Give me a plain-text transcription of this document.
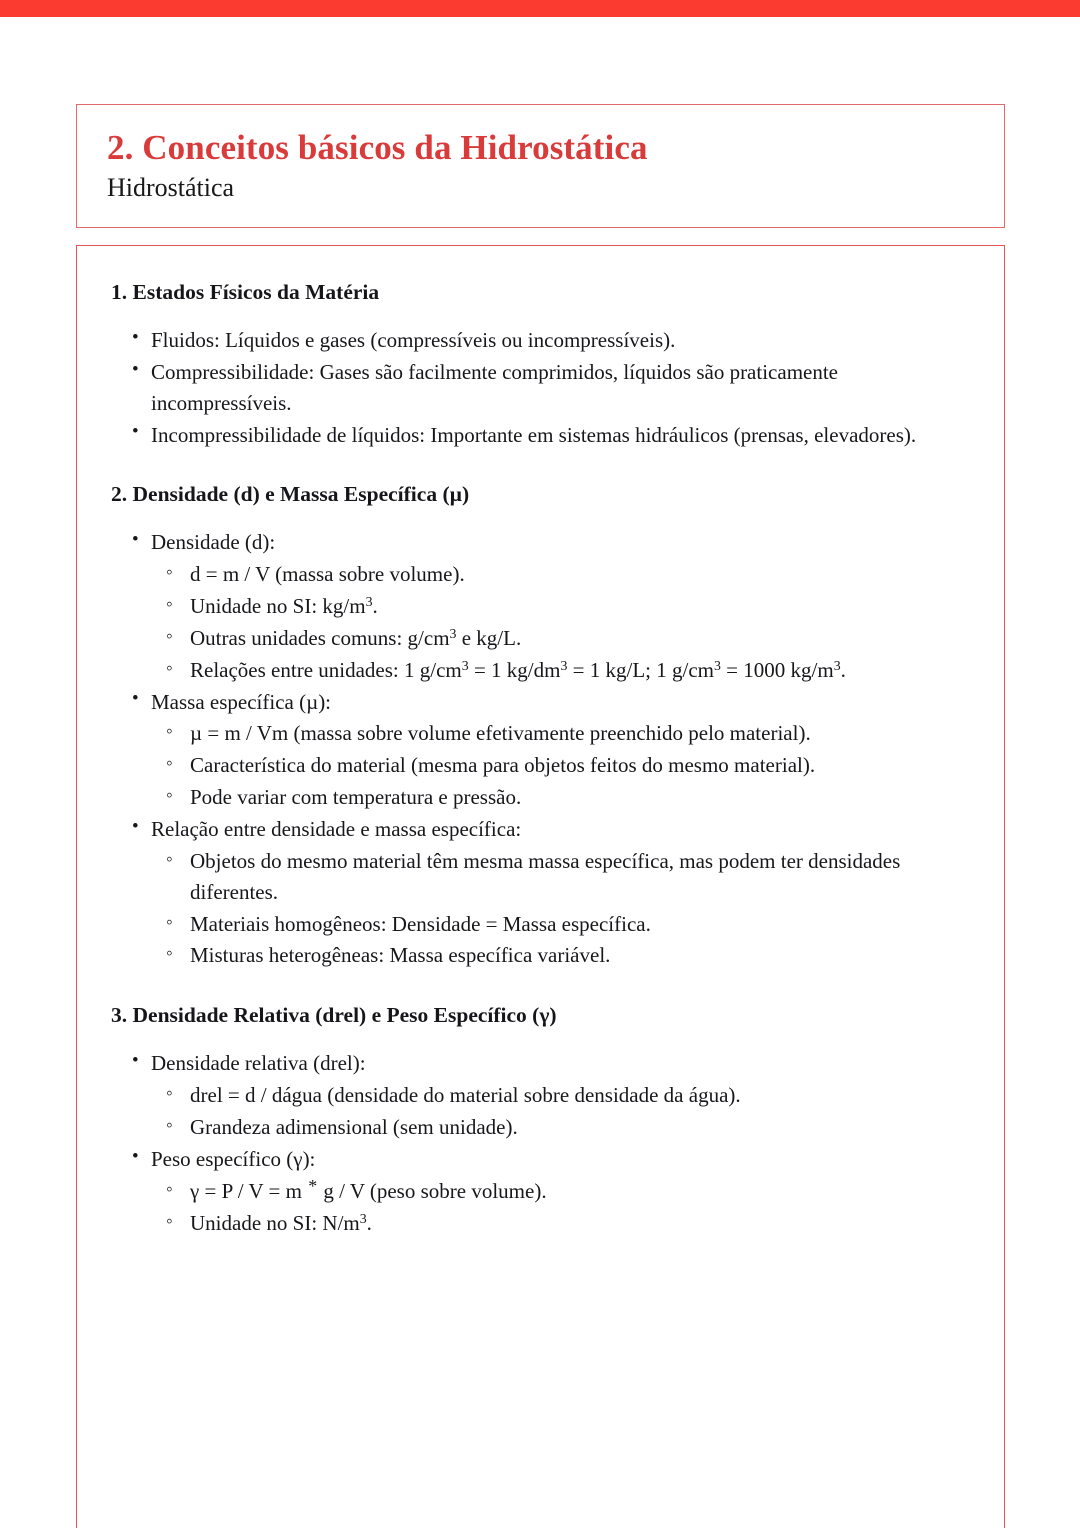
2. Conceitos básicos da Hidrostática
Hidrostática
1. Estados Físicos da Matéria
• Fluidos: Líquidos e gases (compressíveis ou incompressíveis).
• Compressibilidade: Gases são facilmente comprimidos, líquidos são praticamente incompressíveis.
• Incompressibilidade de líquidos: Importante em sistemas hidráulicos (prensas, elevadores).
2. Densidade (d) e Massa Específica (µ)
• Densidade (d):
◦ d = m / V (massa sobre volume).
◦ Unidade no SI: $kg/m^3$.
◦ Outras unidades comuns: $g/cm^3$ e kg/L.
◦ Relações entre unidades: 1 $g/cm^3 = 1$ $kg/dm^3 = 1$ kg/L; 1 $g/cm^3 = 1000$ $kg/m^3$.
• Massa específica (µ):
◦ µ = m / Vm (massa sobre volume efetivamente preenchido pelo material).
◦ Característica do material (mesma para objetos feitos do mesmo material).
◦ Pode variar com temperatura e pressão.
• Relação entre densidade e massa específica:
◦ Objetos do mesmo material têm mesma massa específica, mas podem ter densidades diferentes.
◦ Materiais homogêneos: Densidade = Massa específica.
◦ Misturas heterogêneas: Massa específica variável.
3. Densidade Relativa (drel) e Peso Específico (γ)
• Densidade relativa (drel):
◦ drel = d / dágua (densidade do material sobre densidade da água).
◦ Grandeza adimensional (sem unidade).
• Peso específico (γ):
◦ γ = P / V = m * g / V (peso sobre volume).
◦ Unidade no SI: $N/m^3$.
